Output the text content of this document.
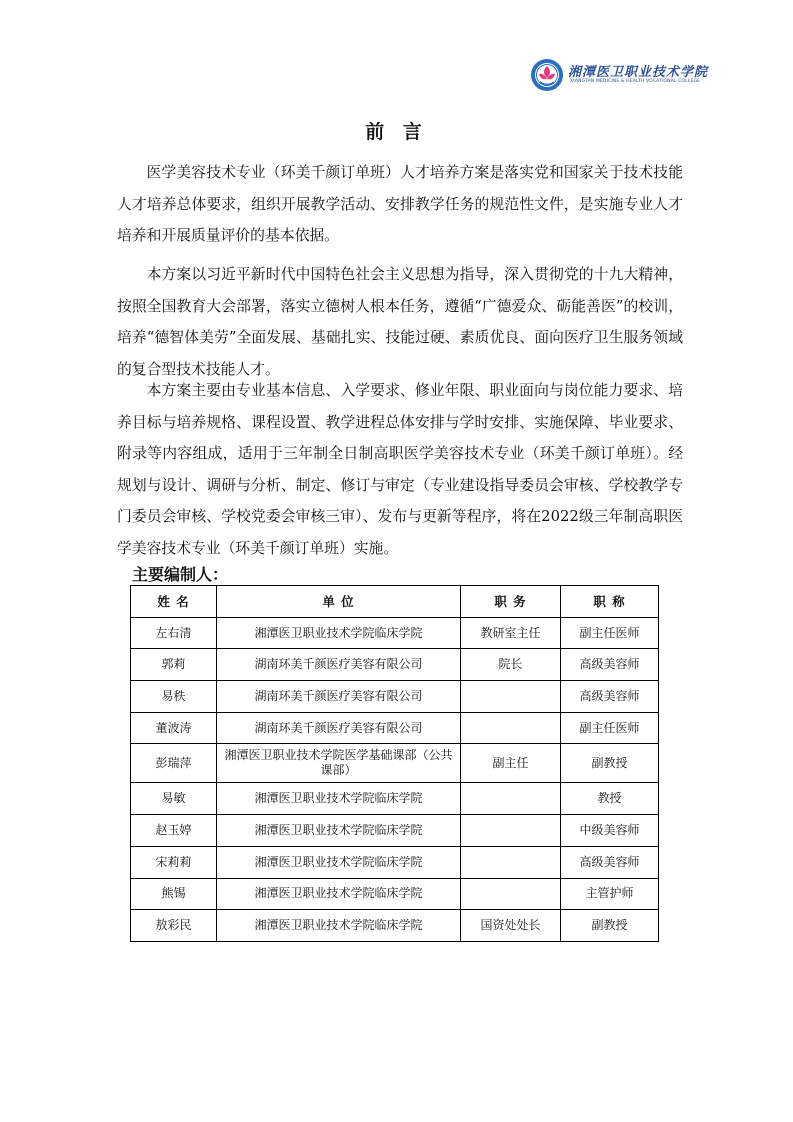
湘潭医卫职业技术学院
XIANGTAN MEDICINE & HEALTH VOCATIONAL COLLEGE
前 言

医学美容技术专业（环美千颜订单班）人才培养方案是落实党和国家关于技术技能人才培养总体要求，组织开展教学活动、安排教学任务的规范性文件，是实施专业人才培养和开展质量评价的基本依据。

本方案以习近平新时代中国特色社会主义思想为指导，深入贯彻党的十九大精神， 按照全国教育大会部署，落实立德树人根本任务，遵循“广德爱众、砺能善医”的校训，培养“德智体美劳”全面发展、基础扎实、技能过硬、素质优良、面向医疗卫生服务领域的复合型技术技能人才。

本方案主要由专业基本信息、入学要求、修业年限、职业面向与岗位能力要求、培养目标与培养规格、课程设置、教学进程总体安排与学时安排、实施保障、毕业要求、附录等内容组成，适用于三年制全日制高职医学美容技术专业（环美千颜订单班）。经规划与设计、调研与分析、制定、修订与审定（专业建设指导委员会审核、学校教学专门委员会审核、学校党委会审核三审）、发布与更新等程序，将在2022级三年制高职医学美容技术专业（环美千颜订单班）实施。

主要编制人：
姓 名	单 位	职 务	职 称
左右清	湘潭医卫职业技术学院临床学院	教研室主任	副主任医师
郭莉	湖南环美千颜医疗美容有限公司	院长	高级美容师
易秩	湖南环美千颜医疗美容有限公司		高级美容师
董波涛	湖南环美千颜医疗美容有限公司		副主任医师
彭瑞萍	湘潭医卫职业技术学院医学基础课部（公共课部）	副主任	副教授
易敏	湘潭医卫职业技术学院临床学院		教授
赵玉婷	湘潭医卫职业技术学院临床学院		中级美容师
宋莉莉	湘潭医卫职业技术学院临床学院		高级美容师
熊锡	湘潭医卫职业技术学院临床学院		主管护师
敖彩民	湘潭医卫职业技术学院临床学院	国资处处长	副教授
